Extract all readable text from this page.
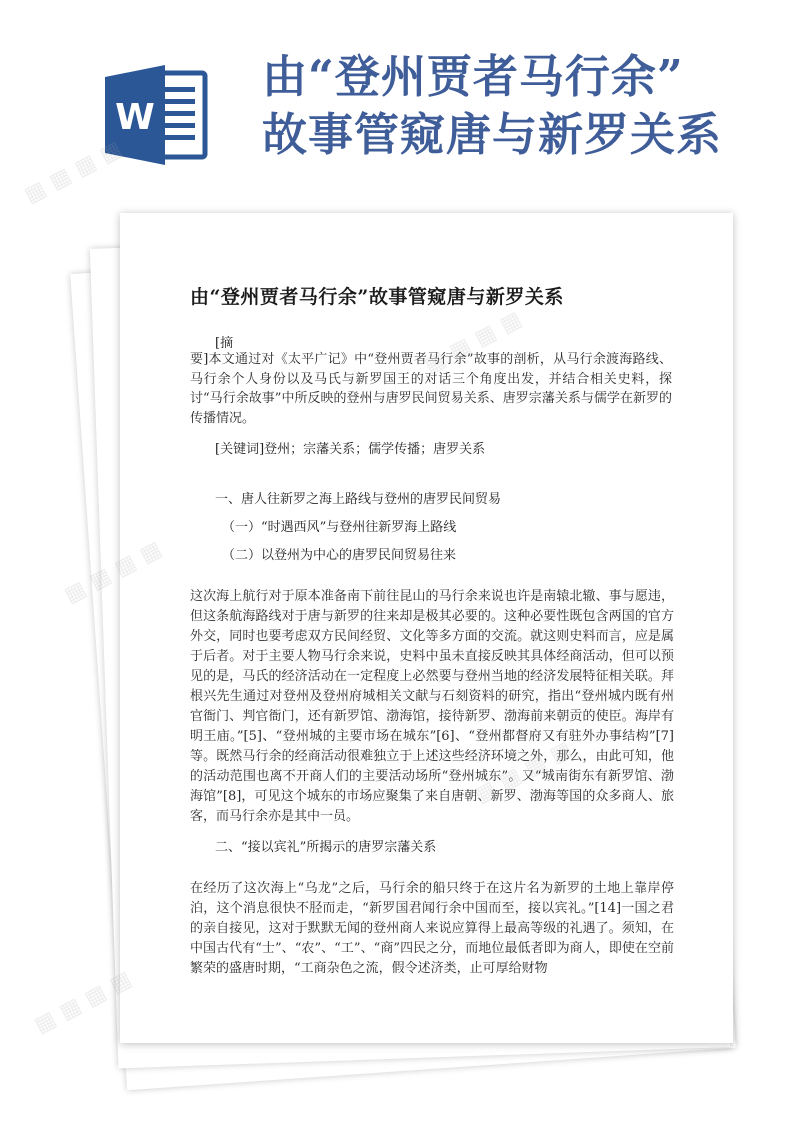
W
由“登州贾者马行余”
故事管窥唐与新罗关系
由“登州贾者马行余”故事管窥唐与新罗关系
[摘
要]本文通过对《太平广记》中“登州贾者马行余”故事的剖析，从马行余渡海路线、马行余个人身份以及马氏与新罗国王的对话三个角度出发，并结合相关史料，探讨“马行余故事”中所反映的登州与唐罗民间贸易关系、唐罗宗藩关系与儒学在新罗的传播情况。
[关键词]登州；宗藩关系；儒学传播；唐罗关系
一、唐人往新罗之海上路线与登州的唐罗民间贸易
（一）“时遇西风”与登州往新罗海上路线
（二）以登州为中心的唐罗民间贸易往来
这次海上航行对于原本准备南下前往昆山的马行余来说也许是南辕北辙、事与愿违，但这条航海路线对于唐与新罗的往来却是极其必要的。这种必要性既包含两国的官方外交，同时也要考虑双方民间经贸、文化等多方面的交流。就这则史料而言，应是属于后者。对于主要人物马行余来说，史料中虽未直接反映其具体经商活动，但可以预见的是，马氏的经济活动在一定程度上必然要与登州当地的经济发展特征相关联。拜根兴先生通过对登州及登州府城相关文献与石刻资料的研究，指出“登州城内既有州官衙门、判官衙门，还有新罗馆、渤海馆，接待新罗、渤海前来朝贡的使臣。海岸有明王庙。”[5]、“登州城的主要市场在城东”[6]、“登州都督府又有驻外办事结构”[7]等。既然马行余的经商活动很难独立于上述这些经济环境之外，那么，由此可知，他的活动范围也离不开商人们的主要活动场所“登州城东”。又“城南街东有新罗馆、渤海馆”[8]，可见这个城东的市场应聚集了来自唐朝、新罗、渤海等国的众多商人、旅客，而马行余亦是其中一员。
二、“接以宾礼”所揭示的唐罗宗藩关系
在经历了这次海上“乌龙”之后，马行余的船只终于在这片名为新罗的土地上靠岸停泊，这个消息很快不胫而走，“新罗国君闻行余中国而至，接以宾礼。”[14]一国之君的亲自接见，这对于默默无闻的登州商人来说应算得上最高等级的礼遇了。须知，在中国古代有“士”、“农”、“工”、“商”四民之分，而地位最低者即为商人，即使在空前繁荣的盛唐时期，“工商杂色之流，假令述济类，止可厚给财物
▦ ▦ ▦ ▦
▦
▦ ▦ ▦ ▦
